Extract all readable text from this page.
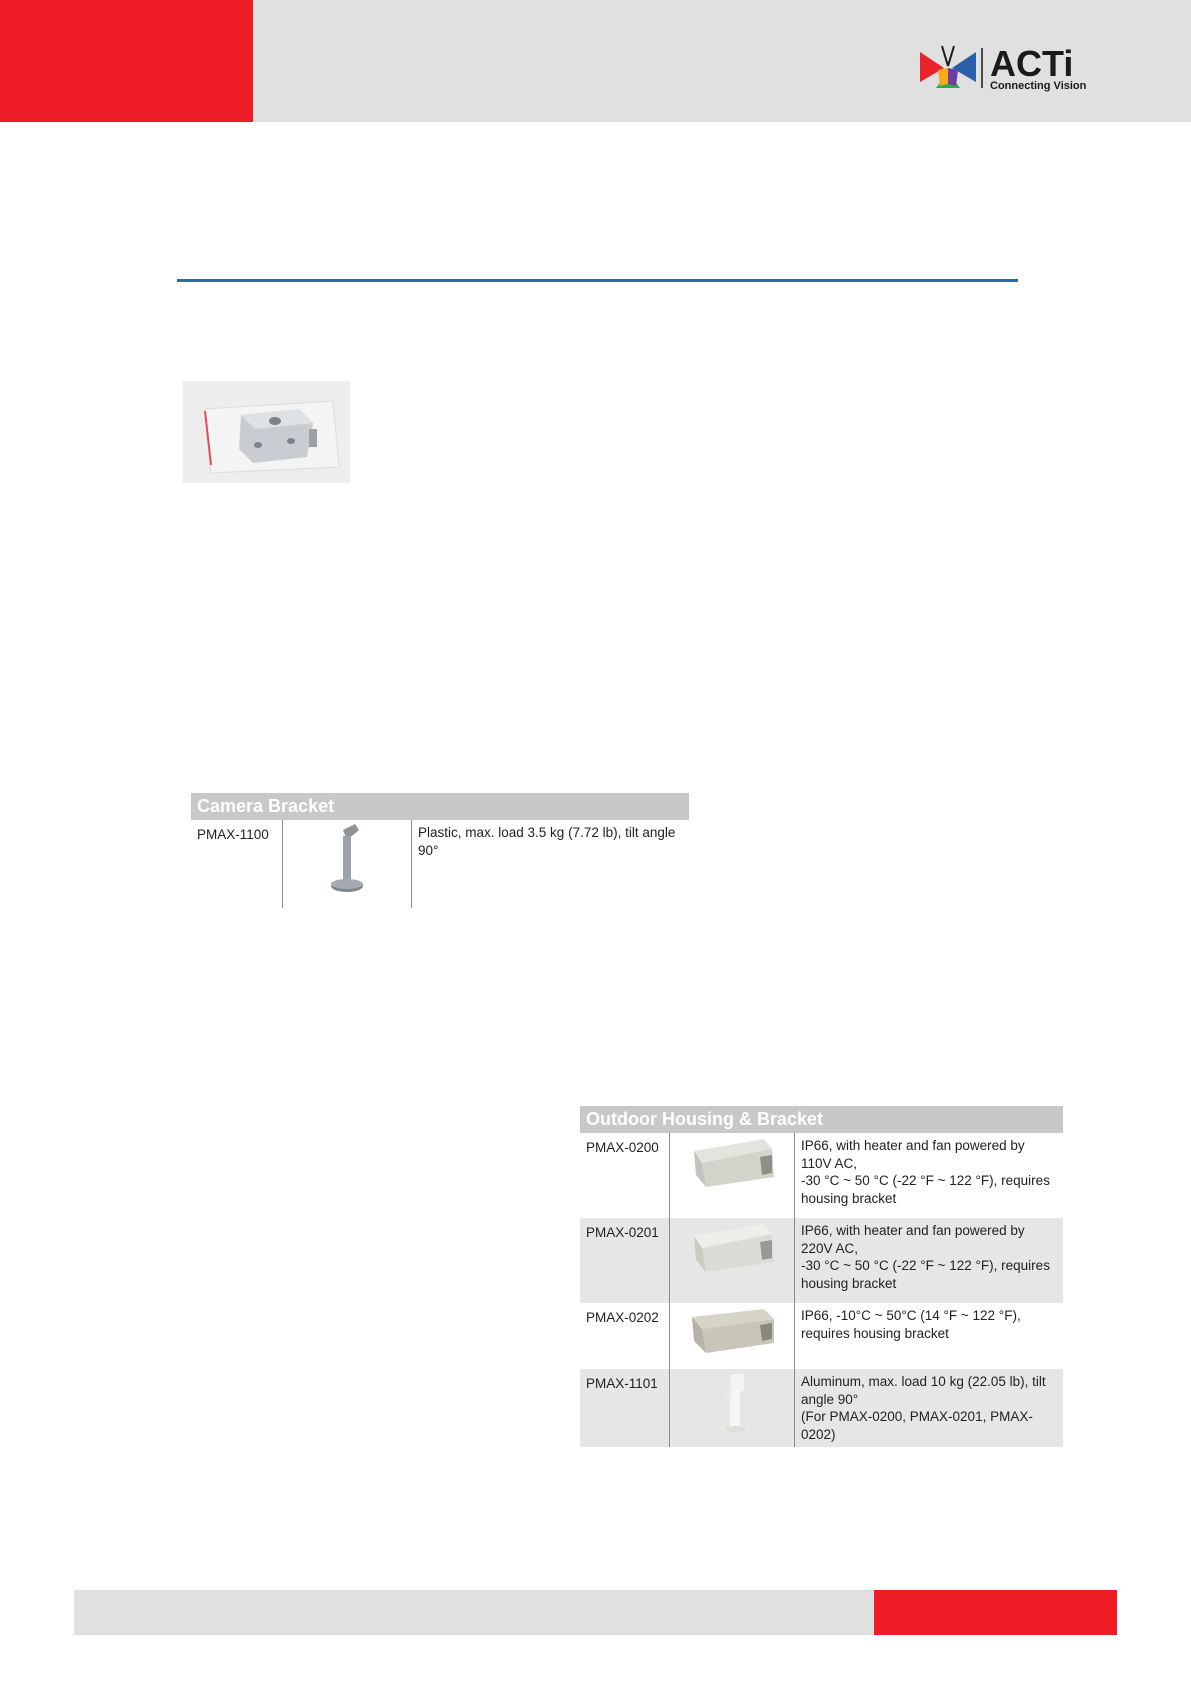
ACTi
Connecting Vision
Camera Bracket
PMAX-1100		Plastic, max. load 3.5 kg (7.72 lb), tilt angle 90°
Outdoor Housing & Bracket		
PMAX-0200		IP66, with heater and fan powered by
110V AC,
-30 °C ~ 50 °C (-22 °F ~ 122 °F), requires
housing bracket

PMAX-0201		IP66, with heater and fan powered by
220V AC,
-30 °C ~ 50 °C (-22 °F ~ 122 °F), requires
housing bracket

PMAX-0202		IP66, -10°C ~ 50°C (14 °F ~ 122 °F),
requires housing bracket

PMAX-1101		Aluminum, max. load 10 kg (22.05 lb), tilt
angle 90°
(For PMAX-0200, PMAX-0201, PMAX-
0202)
